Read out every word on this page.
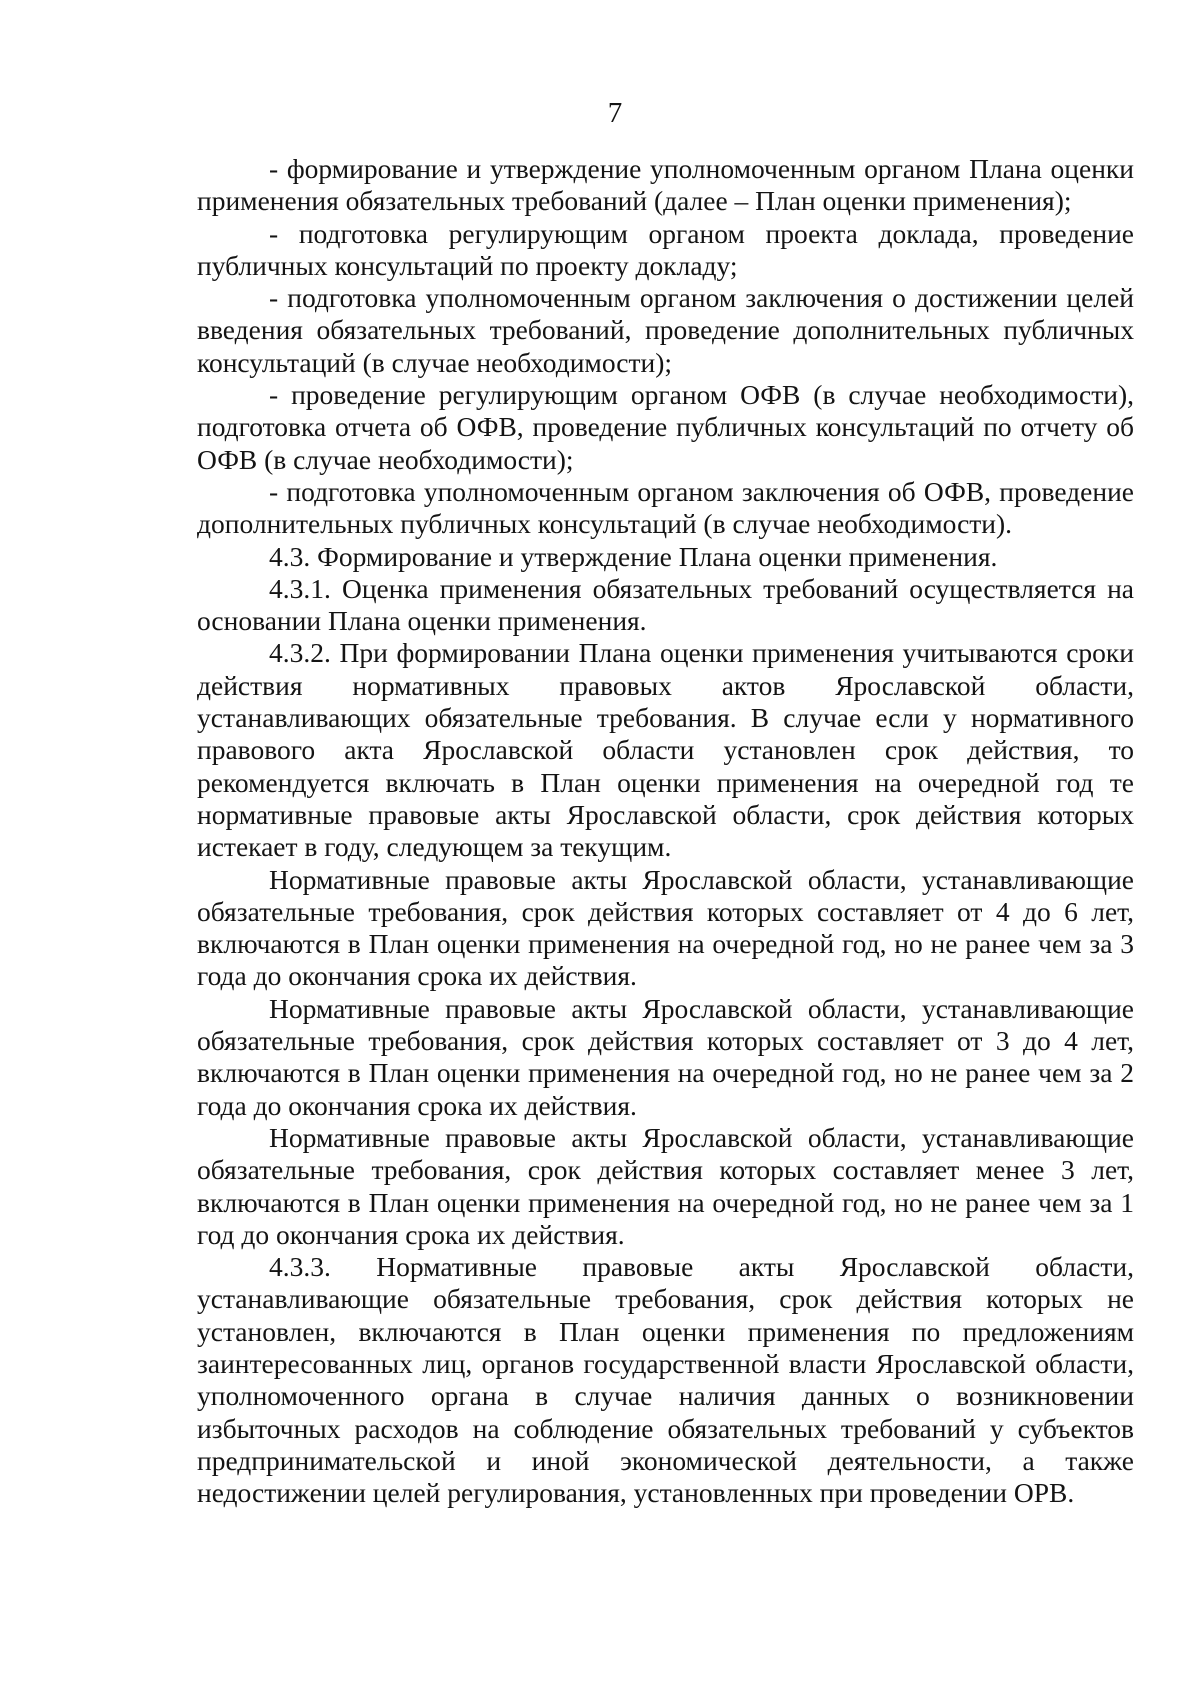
7

- формирование и утверждение уполномоченным органом Плана оценки применения обязательных требований (далее – План оценки применения);

- подготовка регулирующим органом проекта доклада, проведение публичных консультаций по проекту докладу;

- подготовка уполномоченным органом заключения о достижении целей введения обязательных требований, проведение дополнительных публичных консультаций (в случае необходимости);

- проведение регулирующим органом ОФВ (в случае необходимости), подготовка отчета об ОФВ, проведение публичных консультаций по отчету об ОФВ (в случае необходимости);

- подготовка уполномоченным органом заключения об ОФВ, проведение дополнительных публичных консультаций (в случае необходимости).

4.3. Формирование и утверждение Плана оценки применения.

4.3.1. Оценка применения обязательных требований осуществляется на основании Плана оценки применения.

4.3.2. При формировании Плана оценки применения учитываются сроки действия нормативных правовых актов Ярославской области, устанавливающих обязательные требования. В случае если у нормативного правового акта Ярославской области установлен срок действия, то рекомендуется включать в План оценки применения на очередной год те нормативные правовые акты Ярославской области, срок действия которых истекает в году, следующем за текущим.

Нормативные правовые акты Ярославской области, устанавливающие обязательные требования, срок действия которых составляет от 4 до 6 лет, включаются в План оценки применения на очередной год, но не ранее чем за 3 года до окончания срока их действия.

Нормативные правовые акты Ярославской области, устанавливающие обязательные требования, срок действия которых составляет от 3 до 4 лет, включаются в План оценки применения на очередной год, но не ранее чем за 2 года до окончания срока их действия.

Нормативные правовые акты Ярославской области, устанавливающие обязательные требования, срок действия которых составляет менее 3 лет, включаются в План оценки применения на очередной год, но не ранее чем за 1 год до окончания срока их действия.

4.3.3. Нормативные правовые акты Ярославской области, устанавливающие обязательные требования, срок действия которых не установлен, включаются в План оценки применения по предложениям заинтересованных лиц, органов государственной власти Ярославской области, уполномоченного органа в случае наличия данных о возникновении избыточных расходов на соблюдение обязательных требований у субъектов предпринимательской и иной экономической деятельности, а также недостижении целей регулирования, установленных при проведении ОРВ.
